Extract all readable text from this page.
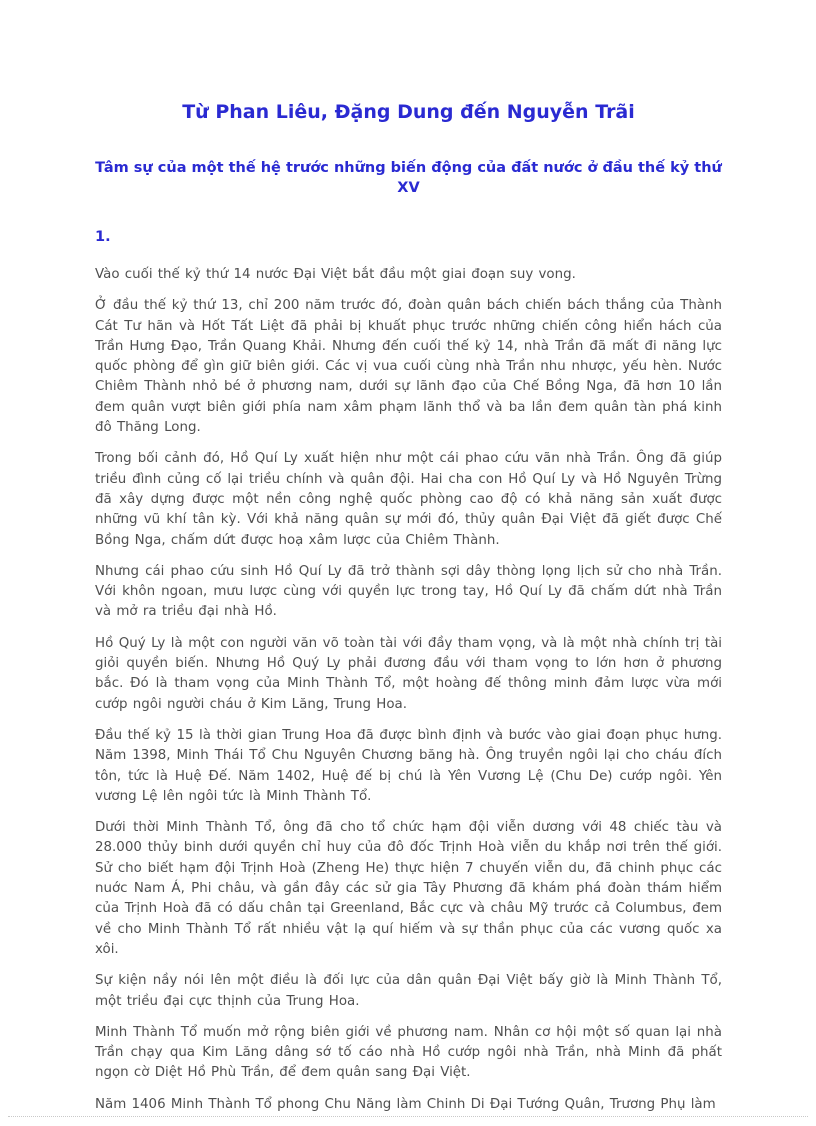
Từ Phan Liêu, Đặng Dung đến Nguyễn Trãi
Tâm sự của một thế hệ trước những biến động của đất nước ở đầu thế kỷ thứ XV
1.

Vào cuối thế kỷ thứ 14 nước Đại Việt bắt đầu một giai đoạn suy vong.

Ở đầu thế kỷ thứ 13, chỉ 200 năm trước đó, đoàn quân bách chiến bách thắng của Thành Cát Tư hãn và Hốt Tất Liệt đã phải bị khuất phục trước những chiến công hiển hách của Trần Hưng Đạo, Trần Quang Khải. Nhưng đến cuối thế kỷ 14, nhà Trần đã mất đi năng lực quốc phòng để gìn giữ biên giới. Các vị vua cuối cùng nhà Trần nhu nhược, yếu hèn. Nước Chiêm Thành nhỏ bé ở phương nam, dưới sự lãnh đạo của Chế Bồng Nga, đã hơn 10 lần đem quân vượt biên giới phía nam xâm phạm lãnh thổ và ba lần đem quân tàn phá kinh đô Thăng Long.

Trong bối cảnh đó, Hồ Quí Ly xuất hiện như một cái phao cứu vãn nhà Trần. Ông đã giúp triều đình củng cố lại triều chính và quân đội. Hai cha con Hồ Quí Ly và Hồ Nguyên Trừng đã xây dựng được một nền công nghệ quốc phòng cao độ có khả năng sản xuất được những vũ khí tân kỳ. Với khả năng quân sự mới đó, thủy quân Đại Việt đã giết được Chế Bồng Nga, chấm dứt được hoạ xâm lược của Chiêm Thành.

Nhưng cái phao cứu sinh Hồ Quí Ly đã trở thành sợi dây thòng lọng lịch sử cho nhà Trần. Với khôn ngoan, mưu lược cùng với quyền lực trong tay, Hồ Quí Ly đã chấm dứt nhà Trần và mở ra triều đại nhà Hồ.

Hồ Quý Ly là một con người văn võ toàn tài với đầy tham vọng, và là một nhà chính trị tài giỏi quyền biến. Nhưng Hồ Quý Ly phải đương đầu với tham vọng to lớn hơn ở phương bắc. Đó là tham vọng của Minh Thành Tổ, một hoàng đế thông minh đảm lược vừa mới cướp ngôi người cháu ở Kim Lăng, Trung Hoa.

Đầu thế kỷ 15 là thời gian Trung Hoa đã được bình định và bước vào giai đoạn phục hưng. Năm 1398, Minh Thái Tổ Chu Nguyên Chương băng hà. Ông truyền ngôi lại cho cháu đích tôn, tức là Huệ Đế. Năm 1402, Huệ đế bị chú là Yên Vương Lệ (Chu De) cướp ngôi. Yên vương Lệ lên ngôi tức là Minh Thành Tổ.

Dưới thời Minh Thành Tổ, ông đã cho tổ chức hạm đội viễn dương với 48 chiếc tàu và 28.000 thủy binh dưới quyền chỉ huy của đô đốc Trịnh Hoà viễn du khắp nơi trên thế giới. Sử cho biết hạm đội Trịnh Hoà (Zheng He) thực hiện 7 chuyến viễn du, đã chinh phục các nuớc Nam Á, Phi châu, và gần đây các sử gia Tây Phương đã khám phá đoàn thám hiểm của Trịnh Hoà đã có dấu chân tại Greenland, Bắc cực và châu Mỹ trước cả Columbus, đem về cho Minh Thành Tổ rất nhiều vật lạ quí hiếm và sự thần phục của các vương quốc xa xôi.

Sự kiện nầy nói lên một điều là đối lực của dân quân Đại Việt bấy giờ là Minh Thành Tổ, một triều đại cực thịnh của Trung Hoa.

Minh Thành Tổ muốn mở rộng biên giới về phương nam. Nhân cơ hội một số quan lại nhà Trần chạy qua Kim Lăng dâng sớ tố cáo nhà Hồ cướp ngôi nhà Trần, nhà Minh đã phất ngọn cờ Diệt Hồ Phù Trần, để đem quân sang Đại Việt.

Năm 1406 Minh Thành Tổ phong Chu Năng làm Chinh Di Đại Tướng Quân, Trương Phụ làm
